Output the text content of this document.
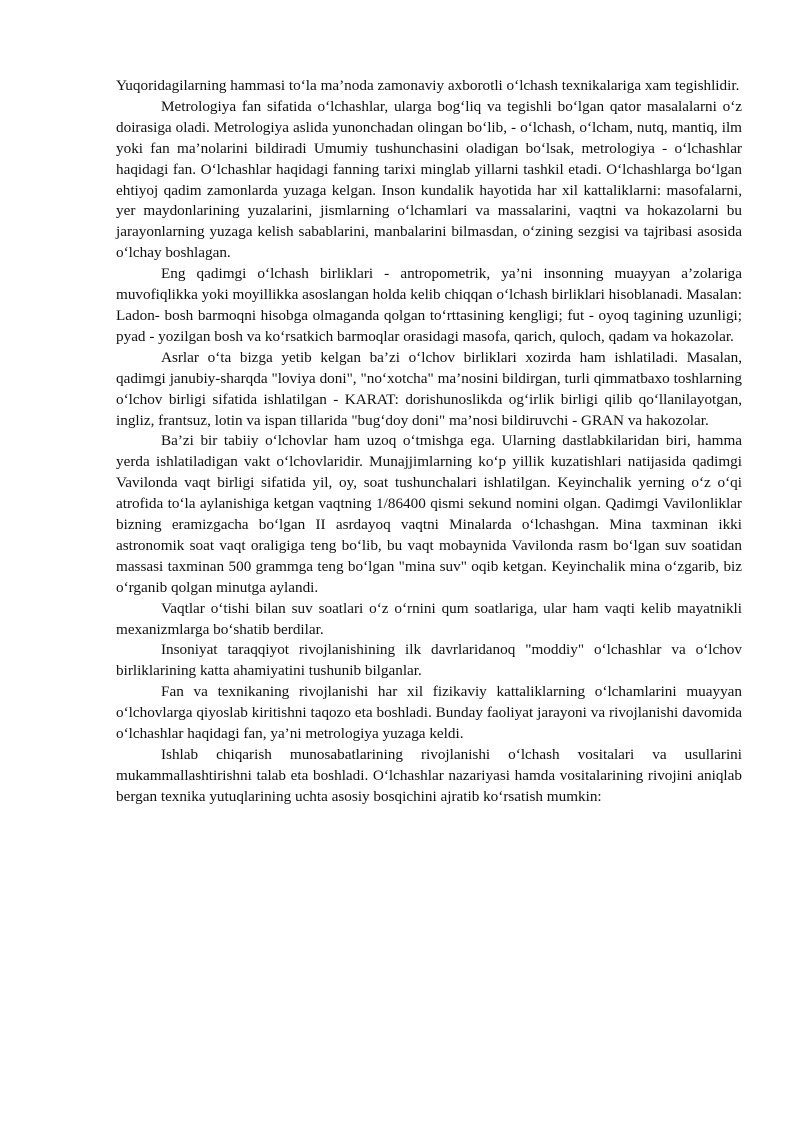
Yuqoridagilarning hammasi to‘la ma’noda zamonaviy axborotli o‘lchash texnikalariga xam tegishlidir.

Metrologiya fan sifatida o‘lchashlar, ularga bog‘liq va tegishli bo‘lgan qator masalalarni o‘z doirasiga oladi. Metrologiya aslida yunonchadan olingan bo‘lib, - o‘lchash, o‘lcham, nutq, mantiq, ilm yoki fan ma’nolarini bildiradi Umumiy tushunchasini oladigan bo‘lsak, metrologiya - o‘lchashlar haqidagi fan. O‘lchashlar haqidagi fanning tarixi minglab yillarni tashkil etadi. O‘lchashlarga bo‘lgan ehtiyoj qadim zamonlarda yuzaga kelgan. Inson kundalik hayotida har xil kattaliklarni: masofalarni, yer maydonlarining yuzalarini, jismlarning o‘lchamlari va massalarini, vaqtni va hokazolarni bu jarayonlarning yuzaga kelish sabablarini, manbalarini bilmasdan, o‘zining sezgisi va tajribasi asosida o‘lchay boshlagan.

Eng qadimgi o‘lchash birliklari - antropometrik, ya’ni insonning muayyan a’zolariga muvofiqlikka yoki moyillikka asoslangan holda kelib chiqqan o‘lchash birliklari hisoblanadi. Masalan: Ladon- bosh barmoqni hisobga olmaganda qolgan to‘rttasining kengligi; fut - oyoq tagining uzunligi; pyad - yozilgan bosh va ko‘rsatkich barmoqlar orasidagi masofa, qarich, quloch, qadam va hokazolar.

Asrlar o‘ta bizga yetib kelgan ba’zi o‘lchov birliklari xozirda ham ishlatiladi. Masalan, qadimgi janubiy-sharqda "loviya doni", "no‘xotcha" ma’nosini bildirgan, turli qimmatbaxo toshlarning o‘lchov birligi sifatida ishlatilgan - KARAT: dorishunoslikda og‘irlik birligi qilib qo‘llanilayotgan, ingliz, frantsuz, lotin va ispan tillarida "bug‘doy doni" ma’nosi bildiruvchi - GRAN va hakozolar.

Ba’zi bir tabiiy o‘lchovlar ham uzoq o‘tmishga ega. Ularning dastlabkilaridan biri, hamma yerda ishlatiladigan vakt o‘lchovlaridir. Munajjimlarning ko‘p yillik kuzatishlari natijasida qadimgi Vavilonda vaqt birligi sifatida yil, oy, soat tushunchalari ishlatilgan. Keyinchalik yerning o‘z o‘qi atrofida to‘la aylanishiga ketgan vaqtning 1/86400 qismi sekund nomini olgan. Qadimgi Vavilonliklar bizning eramizgacha bo‘lgan II asrdayoq vaqtni Minalarda o‘lchashgan. Mina taxminan ikki astronomik soat vaqt oraligiga teng bo‘lib, bu vaqt mobaynida Vavilonda rasm bo‘lgan suv soatidan massasi taxminan 500 grammga teng bo‘lgan "mina suv" oqib ketgan. Keyinchalik mina o‘zgarib, biz o‘rganib qolgan minutga aylandi.

Vaqtlar o‘tishi bilan suv soatlari o‘z o‘rnini qum soatlariga, ular ham vaqti kelib mayatnikli mexanizmlarga bo‘shatib berdilar.

Insoniyat taraqqiyot rivojlanishining ilk davrlaridanoq "moddiy" o‘lchashlar va o‘lchov birliklarining katta ahamiyatini tushunib bilganlar.

Fan va texnikaning rivojlanishi har xil fizikaviy kattaliklarning o‘lchamlarini muayyan o‘lchovlarga qiyoslab kiritishni taqozo eta boshladi. Bunday faoliyat jarayoni va rivojlanishi davomida o‘lchashlar haqidagi fan, ya’ni metrologiya yuzaga keldi.

Ishlab chiqarish munosabatlarining rivojlanishi o‘lchash vositalari va usullarini mukammallashtirishni talab eta boshladi. O‘lchashlar nazariyasi hamda vositalarining rivojini aniqlab bergan texnika yutuqlarining uchta asosiy bosqichini ajratib ko‘rsatish mumkin:
